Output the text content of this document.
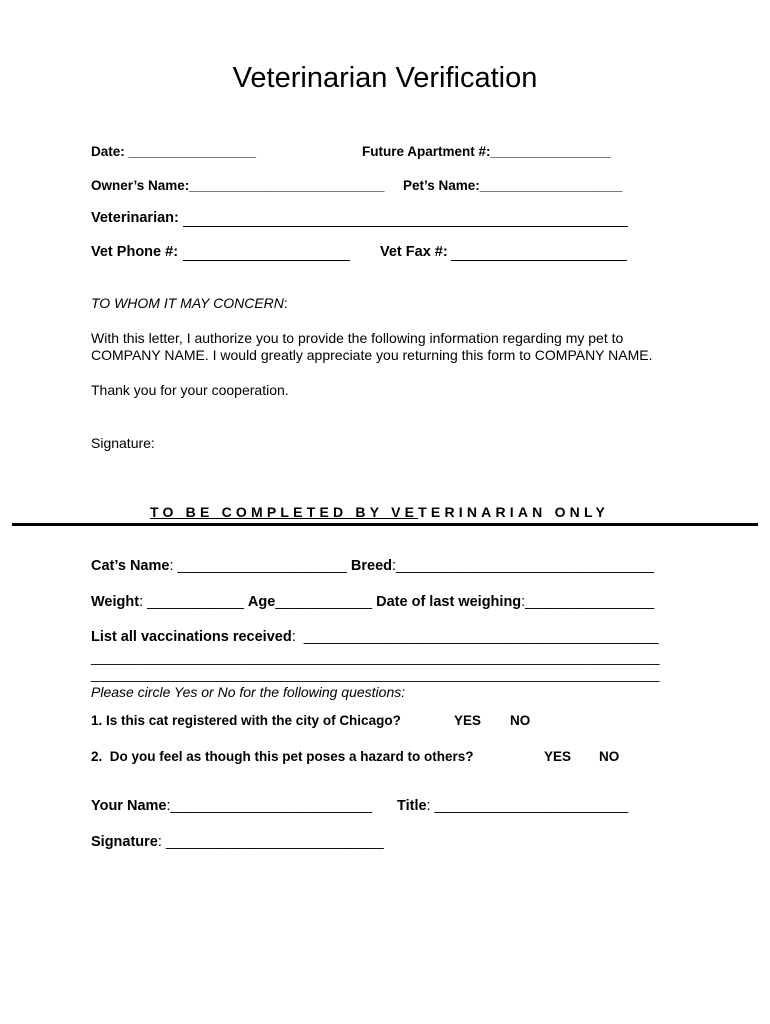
Veterinarian Verification
Date: _________________	Future Apartment #:________________
Owner’s Name:__________________________ Pet’s Name:___________________
Veterinarian:
Vet Phone #:	Vet Fax #:
TO WHOM IT MAY CONCERN:
With this letter, I authorize you to provide the following information regarding my pet to
COMPANY NAME. I would greatly appreciate you returning this form to COMPANY NAME.
Thank you for your cooperation.
Signature:
TO BE COMPLETED BY VETERINARIAN ONLY
Cat’s Name: _____________________ Breed:________________________________
Weight: ____________ Age____________ Date of last weighing:________________
List all vaccinations received:  ____________________________________________
_________________________________________________________________________
_________________________________________________________________________
Please circle Yes or No for the following questions:
1. Is this cat registered with the city of Chicago?	YES NO
2.  Do you feel as though this pet poses a hazard to others?	YES NO
Your Name:_________________________ Title: ________________________
Signature: ___________________________
